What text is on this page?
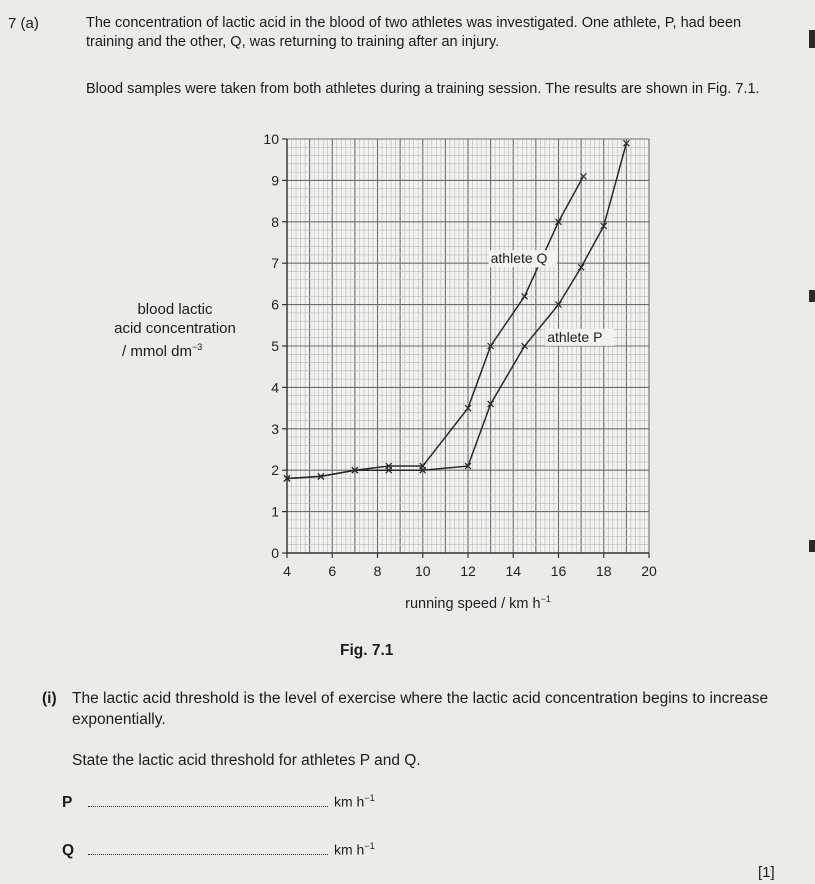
7 (a)	The concentration of lactic acid in the blood of two athletes was investigated. One athlete, P, had been training and the other, Q, was returning to training after an injury.
Blood samples were taken from both athletes during a training session. The results are shown in Fig. 7.1.
blood lactic
acid concentration
/ mmol $dm^{-3}$
0
1
2
3
4
5
6
7
8
9
10
4	6	8 10 12 14 16 18 20
running speed / km $h^{-1}$
athlete Q
athlete P
Fig. 7.1
(i) The lactic acid threshold is the level of exercise where the lactic acid concentration begins to increase exponentially.
State the lactic acid threshold for athletes P and Q.
P	km $h^{-1}$
Q	km $h^{-1}$
[1]
